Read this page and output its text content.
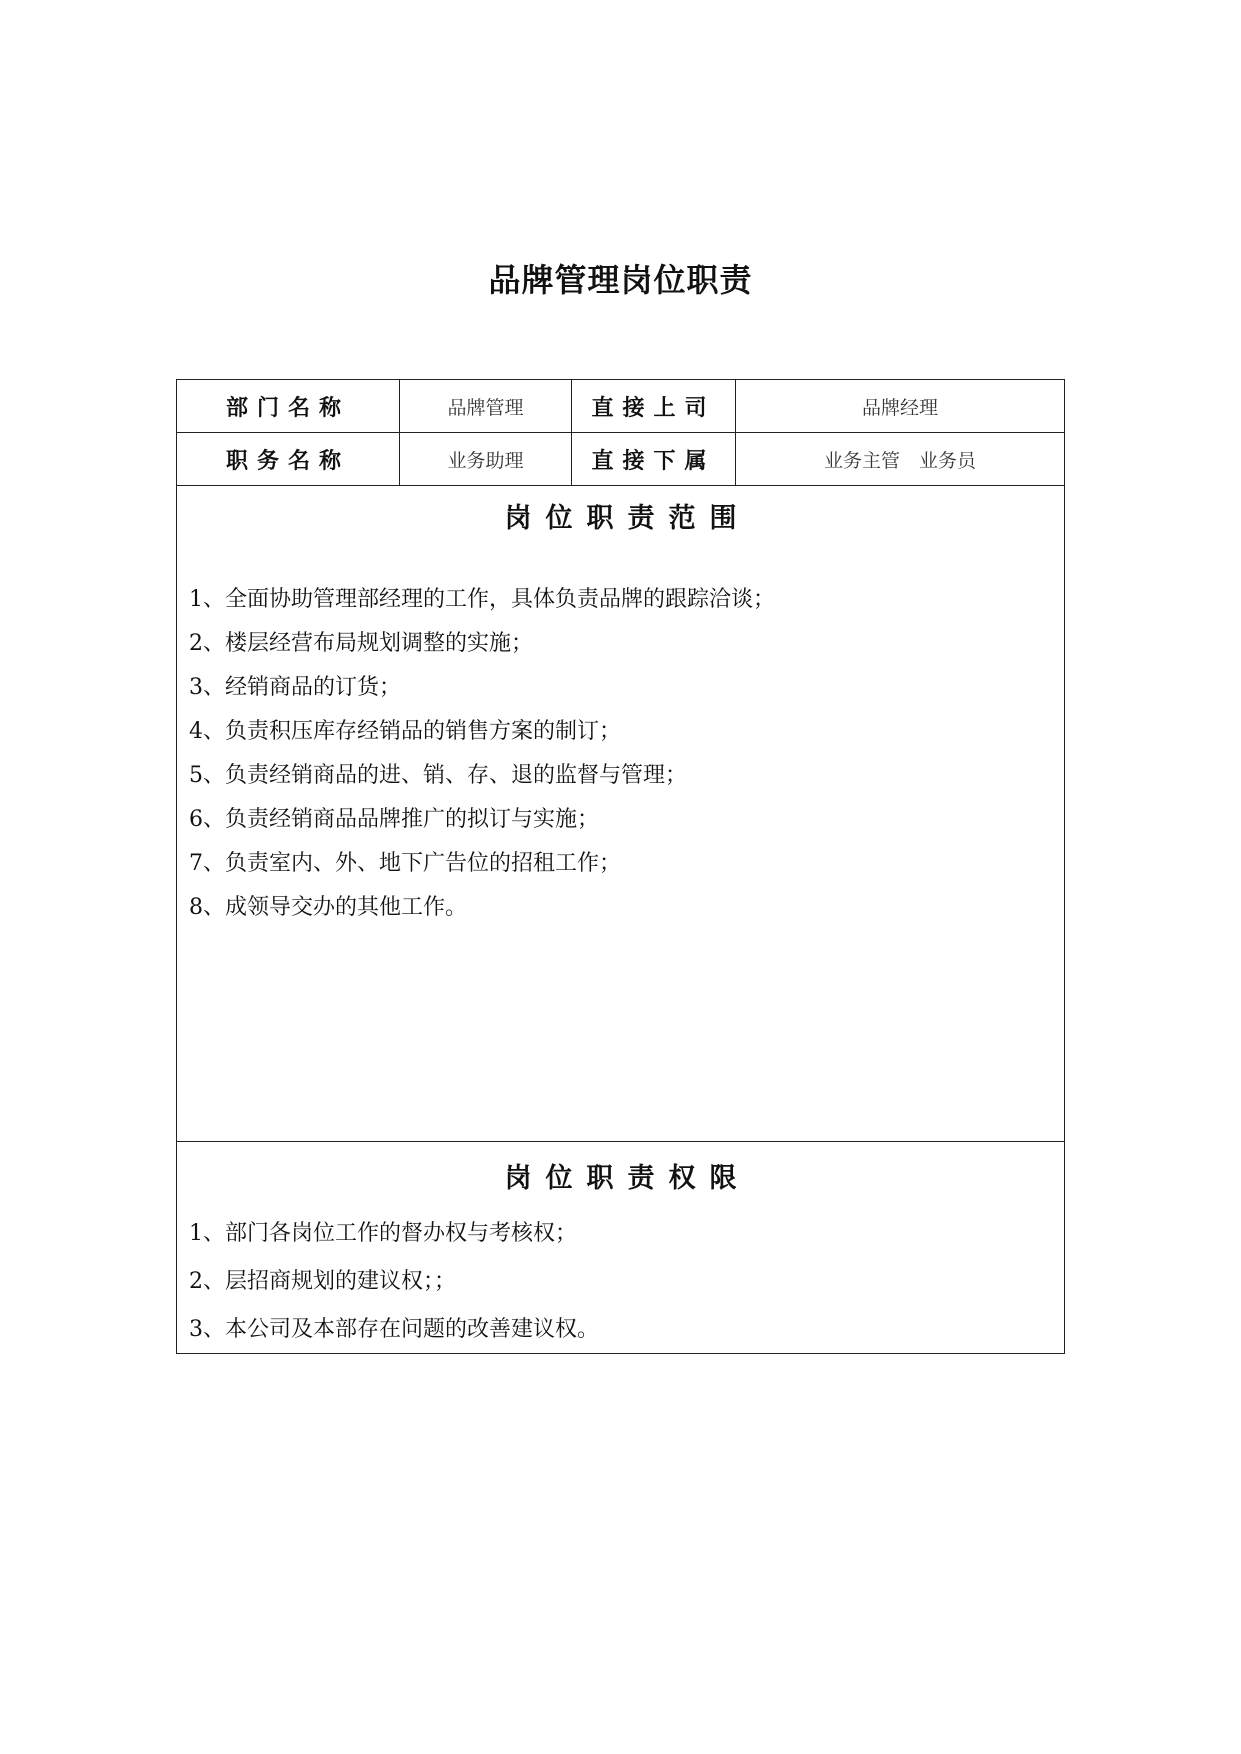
品牌管理岗位职责
部门名称	品牌管理	直接上司	品牌经理
职务名称	业务助理	直接下属	业务主管　业务员
岗位职责范围
1、全面协助管理部经理的工作，具体负责品牌的跟踪洽谈；
2、楼层经营布局规划调整的实施；
3、经销商品的订货；
4、负责积压库存经销品的销售方案的制订；
5、负责经销商品的进、销、存、退的监督与管理；
6、负责经销商品品牌推广的拟订与实施；
7、负责室内、外、地下广告位的招租工作；
8、成领导交办的其他工作。
岗位职责权限
1、部门各岗位工作的督办权与考核权；
2、层招商规划的建议权；；
3、本公司及本部存在问题的改善建议权。
